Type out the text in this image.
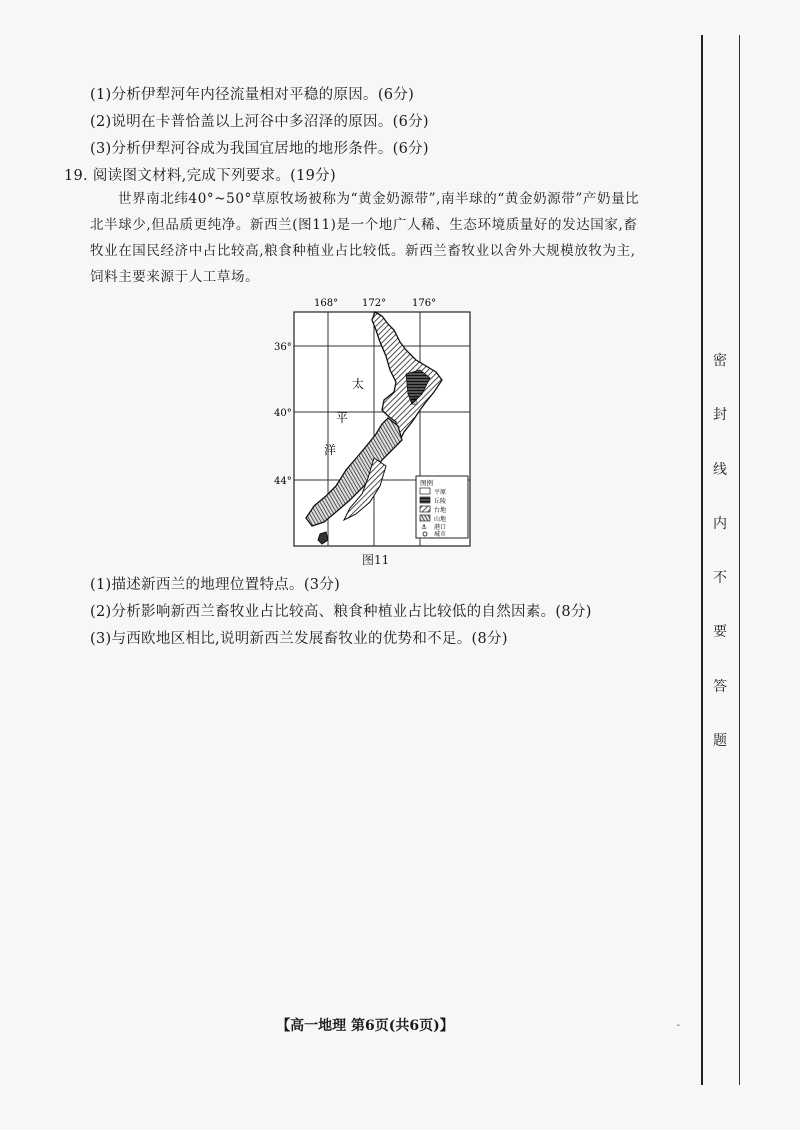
(1)分析伊犁河年内径流量相对平稳的原因。(6分)
(2)说明在卡普恰盖以上河谷中多沼泽的原因。(6分)
(3)分析伊犁河谷成为我国宜居地的地形条件。(6分)
19. 阅读图文材料,完成下列要求。(19分)
世界南北纬40°~50°草原牧场被称为“黄金奶源带”,南半球的“黄金奶源带”产奶量比
北半球少,但品质更纯净。新西兰(图11)是一个地广人稀、生态环境质量好的发达国家,畜
牧业在国民经济中占比较高,粮食种植业占比较低。新西兰畜牧业以舍外大规模放牧为主,
饲料主要来源于人工草场。
168° 172°	176°
36°
40°
44°
惠
太
平
洋
图例
平原
丘陵
台地
山地
⚓ 港口
城市
图11
(1)描述新西兰的地理位置特点。(3分)
(2)分析影响新西兰畜牧业占比较高、粮食种植业占比较低的自然因素。(8分)
(3)与西欧地区相比,说明新西兰发展畜牧业的优势和不足。(8分)
密
封
线
内
不
要
答
题
-
【高一地理 第6页(共6页)】
